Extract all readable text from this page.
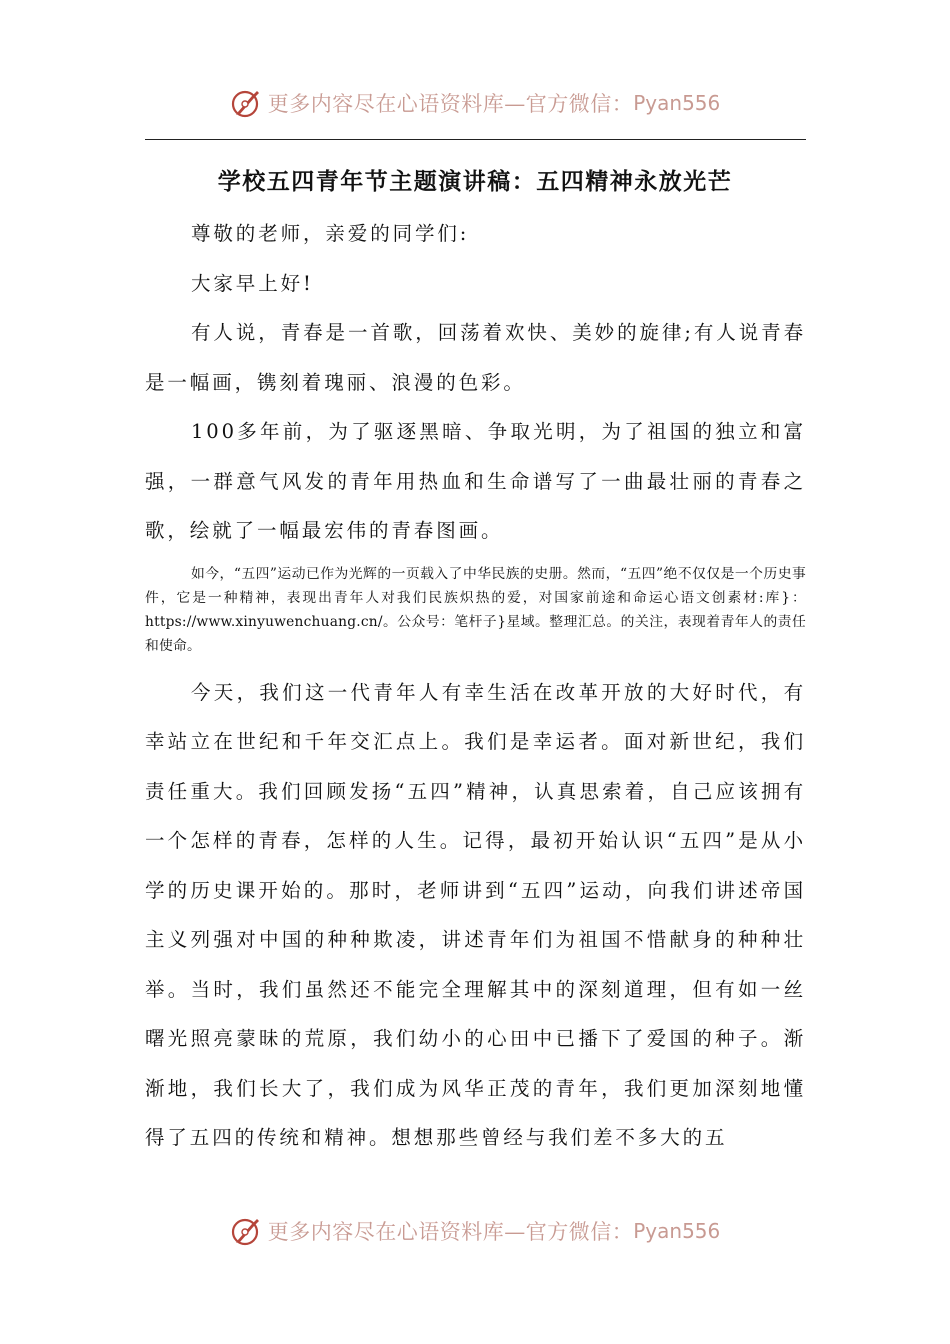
更多内容尽在心语资料库—官方微信： Pyan556
学校五四青年节主题演讲稿：五四精神永放光芒

尊敬的老师，亲爱的同学们:

大家早上好!

有人说，青春是一首歌，回荡着欢快、美妙的旋律;有人说青春是一幅画，镌刻着瑰丽、浪漫的色彩。

100多年前，为了驱逐黑暗、争取光明，为了祖国的独立和富强，一群意气风发的青年用热血和生命谱写了一曲最壮丽的青春之歌，绘就了一幅最宏伟的青春图画。

如今，“五四”运动已作为光辉的一页载入了中华民族的史册。然而，“五四”绝不仅仅是一个历史事件，它是一种精神，表现出青年人对我们民族炽热的爱，对国家前途和命运心语文创素材:库}：https://www.xinyuwenchuang.cn/。公众号：笔杆子}星域。整理汇总。的关注，表现着青年人的责任和使命。

今天，我们这一代青年人有幸生活在改革开放的大好时代，有幸站立在世纪和千年交汇点上。我们是幸运者。面对新世纪，我们责任重大。我们回顾发扬“五四”精神，认真思索着，自己应该拥有一个怎样的青春，怎样的人生。记得，最初开始认识“五四”是从小学的历史课开始的。那时，老师讲到“五四”运动，向我们讲述帝国主义列强对中国的种种欺凌，讲述青年们为祖国不惜献身的种种壮举。当时，我们虽然还不能完全理解其中的深刻道理，但有如一丝曙光照亮蒙昧的荒原，我们幼小的心田中已播下了爱国的种子。渐渐地，我们长大了，我们成为风华正茂的青年，我们更加深刻地懂得了五四的传统和精神。想想那些曾经与我们差不多大的五

更多内容尽在心语资料库—官方微信： Pyan556
